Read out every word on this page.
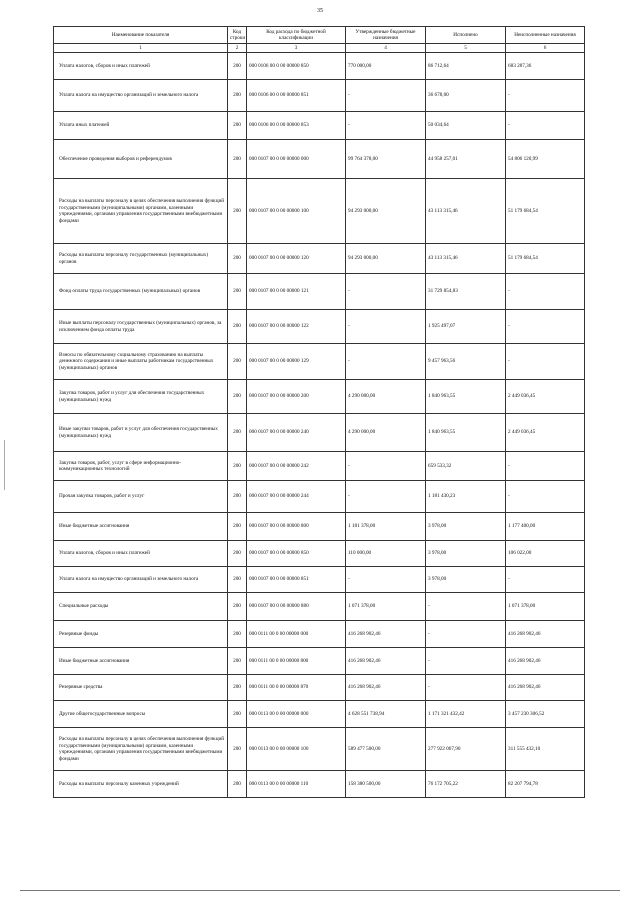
35
Наименование показателя	Код строки	Код расхода по бюджетной классификации	Утвержденные бюджетные назначения	Исполнено	Неисполненные назначения
1	2	3	4	5	6
Уплата налогов, сборов и иных платежей	200	000 0106 00 0 00 00000 850	770 000,00	86 712,64	683 287,36
Уплата налога на имущество организаций и земельного налога	200	000 0106 00 0 00 00000 851	-	36 678,00	-
Уплата иных платежей	200	000 0106 00 0 00 00000 853	-	50 034,64	-
Обеспечение проведения выборов и референдумов	200	000 0107 00 0 00 00000 000	99 764 378,00	44 958 257,01	54 806 120,99
Расходы на выплаты персоналу в целях обеспечения выполнения функций государственными (муниципальными) органами, казенными учреждениями, органами управления государственными внебюджетными фондами	200	000 0107 00 0 00 00000 100	94 293 000,00	43 113 315,46	51 179 684,54
Расходы на выплаты персоналу государственных (муниципальных) органов	200	000 0107 00 0 00 00000 120	94 293 000,00	43 113 315,46	51 179 684,54
Фонд оплаты труда государственных (муниципальных) органов	200	000 0107 00 0 00 00000 121	-	31 729 854,83	-
Иные выплаты персоналу государственных (муниципальных) органов, за исключением фонда оплаты труда	200	000 0107 00 0 00 00000 122	-	1 925 497,07	-
Взносы по обязательному социальному страхованию на выплаты денежного содержания и иные выплаты работникам государственных (муниципальных) органов	200	000 0107 00 0 00 00000 129	-	9 457 963,56	-
Закупка товаров, работ и услуг для обеспечения государственных (муниципальных) нужд	200	000 0107 00 0 00 00000 200	4 290 000,00	1 840 963,55	2 449 036,45
Иные закупки товаров, работ и услуг для обеспечения государственных (муниципальных) нужд	200	000 0107 00 0 00 00000 240	4 290 000,00	1 840 963,55	2 449 036,45
Закупка товаров, работ, услуг в сфере информационно-коммуникационных технологий	200	000 0107 00 0 00 00000 242	-	659 533,32	-
Прочая закупка товаров, работ и услуг	200	000 0107 00 0 00 00000 244	-	1 181 430,23	-
Иные бюджетные ассигнования	200	000 0107 00 0 00 00000 800	1 181 378,00	3 978,00	1 177 400,00
Уплата налогов, сборов и иных платежей	200	000 0107 00 0 00 00000 850	110 000,00	3 978,00	106 022,00
Уплата налога на имущество организаций и земельного налога	200	000 0107 00 0 00 00000 851	-	3 978,00	-
Специальные расходы	200	000 0107 00 0 00 00000 880	1 071 378,00	-	1 071 378,00
Резервные фонды	200	000 0111 00 0 00 00000 000	416 268 902,46	-	416 268 902,46
Иные бюджетные ассигнования	200	000 0111 00 0 00 00000 800	416 268 902,46	-	416 268 902,46
Резервные средства	200	000 0111 00 0 00 00000 870	416 268 902,46	-	416 268 902,46
Другие общегосударственные вопросы	200	000 0113 00 0 00 00000 000	4 628 551 738,94	1 171 321 432,42	3 457 230 306,52
Расходы на выплаты персоналу в целях обеспечения выполнения функций государственными (муниципальными) органами, казенными учреждениями, органами управления государственными внебюджетными фондами	200	000 0113 00 0 00 00000 100	589 477 500,00	277 922 067,90	311 555 432,10
Расходы на выплаты персоналу казенных учреждений	200	000 0113 00 0 00 00000 110	158 380 500,00	76 172 705,22	82 207 794,78
